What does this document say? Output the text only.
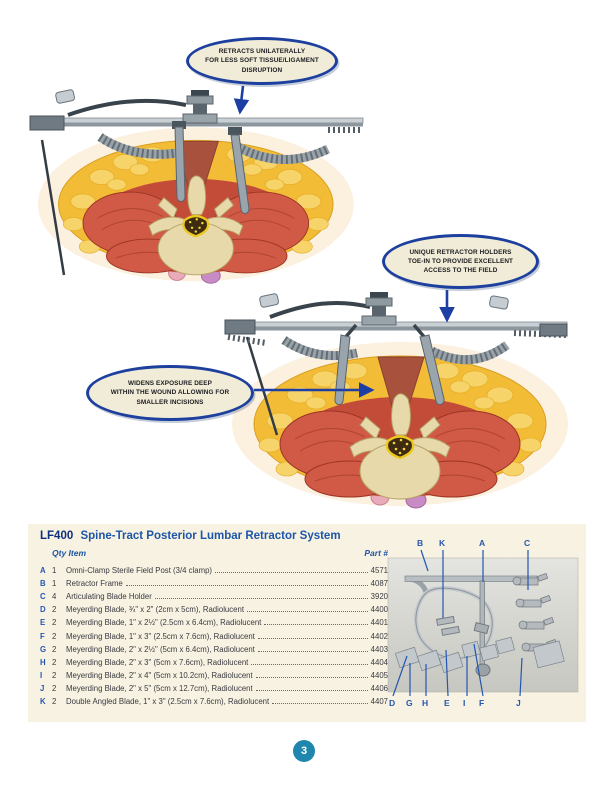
RETRACTS UNILATERALLY
FOR LESS SOFT TISSUE/LIGAMENT
DISRUPTION
UNIQUE RETRACTOR HOLDERS
TOE-IN TO PROVIDE EXCELLENT
ACCESS TO THE FIELD
WIDENS EXPOSURE DEEP
WITHIN THE WOUND ALLOWING FOR
SMALLER INCISIONS
LF400 Spine-Tract Posterior Lumbar Retractor System
Qty Item	Part #
A 1	Omni-Clamp Sterile Field Post (3/4 clamp)	4571
B 1	Retractor Frame	4087
C 4	Articulating Blade Holder	3920
D 2	Meyerding Blade, ¾" x 2" (2cm x 5cm), Radiolucent	4400
E 2	Meyerding Blade, 1" x 2½" (2.5cm x 6.4cm), Radiolucent	4401
F 2	Meyerding Blade, 1" x 3" (2.5cm x 7.6cm), Radiolucent	4402
G 2	Meyerding Blade, 2" x 2½" (5cm x 6.4cm), Radiolucent	4403
H 2	Meyerding Blade, 2" x 3" (5cm x 7.6cm), Radiolucent	4404
I	2	Meyerding Blade, 2" x 4" (5cm x 10.2cm), Radiolucent	4405
J 2	Meyerding Blade, 2" x 5" (5cm x 12.7cm), Radiolucent	4406
K 2	Double Angled Blade, 1" x 3" (2.5cm x 7.6cm), Radiolucent	4407
B K	A	C
D G H E I F	J
3
